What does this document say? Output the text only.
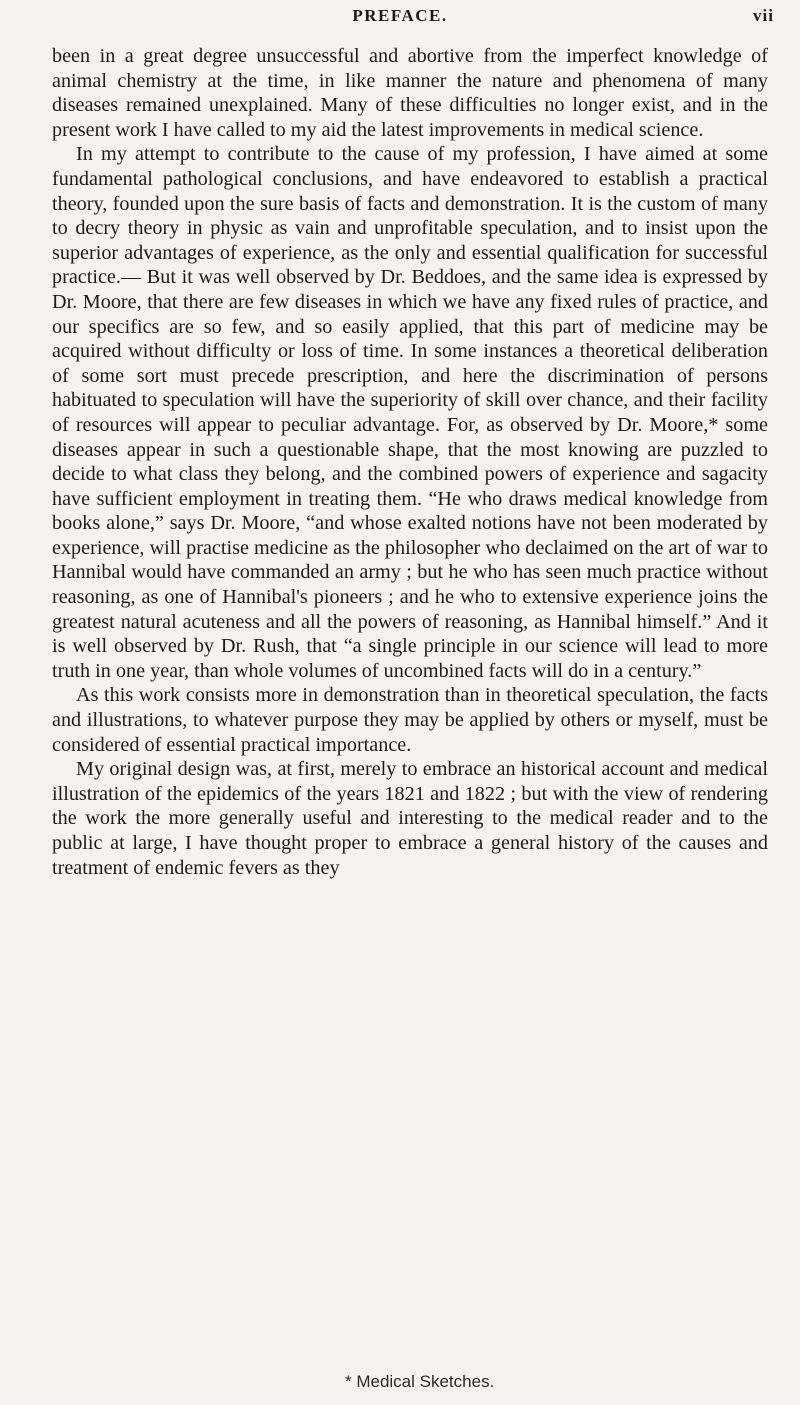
PREFACE.	vii

been in a great degree unsuccessful and abortive from the imperfect knowledge of animal chemistry at the time, in like manner the nature and phenomena of many diseases remained unexplained. Many of these difficulties no longer exist, and in the present work I have called to my aid the latest improvements in medical science.

In my attempt to contribute to the cause of my profession, I have aimed at some fundamental pathological conclusions, and have endeavored to establish a practical theory, founded upon the sure basis of facts and demonstration. It is the custom of many to decry theory in physic as vain and unprofitable speculation, and to insist upon the superior advantages of experience, as the only and essential qualification for successful practice.— But it was well observed by Dr. Beddoes, and the same idea is expressed by Dr. Moore, that there are few diseases in which we have any fixed rules of practice, and our specifics are so few, and so easily applied, that this part of medicine may be acquired without difficulty or loss of time. In some instances a theoretical deliberation of some sort must precede prescription, and here the discrimination of persons habituated to speculation will have the superiority of skill over chance, and their facility of resources will appear to peculiar advantage. For, as observed by Dr. Moore,* some diseases appear in such a questionable shape, that the most knowing are puzzled to decide to what class they belong, and the combined powers of experience and sagacity have sufficient employment in treating them. “He who draws medical knowledge from books alone,” says Dr. Moore, “and whose exalted notions have not been moderated by experience, will practise medicine as the philosopher who declaimed on the art of war to Hannibal would have commanded an army ; but he who has seen much practice without reasoning, as one of Hannibal's pioneers ; and he who to extensive experience joins the greatest natural acuteness and all the powers of reasoning, as Hannibal himself.” And it is well observed by Dr. Rush, that “a single principle in our science will lead to more truth in one year, than whole volumes of uncombined facts will do in a century.”

As this work consists more in demonstration than in theoretical speculation, the facts and illustrations, to whatever purpose they may be applied by others or myself, must be considered of essential practical importance.

My original design was, at first, merely to embrace an historical account and medical illustration of the epidemics of the years 1821 and 1822 ; but with the view of rendering the work the more generally useful and interesting to the medical reader and to the public at large, I have thought proper to embrace a general history of the causes and treatment of endemic fevers as they

* Medical Sketches.
